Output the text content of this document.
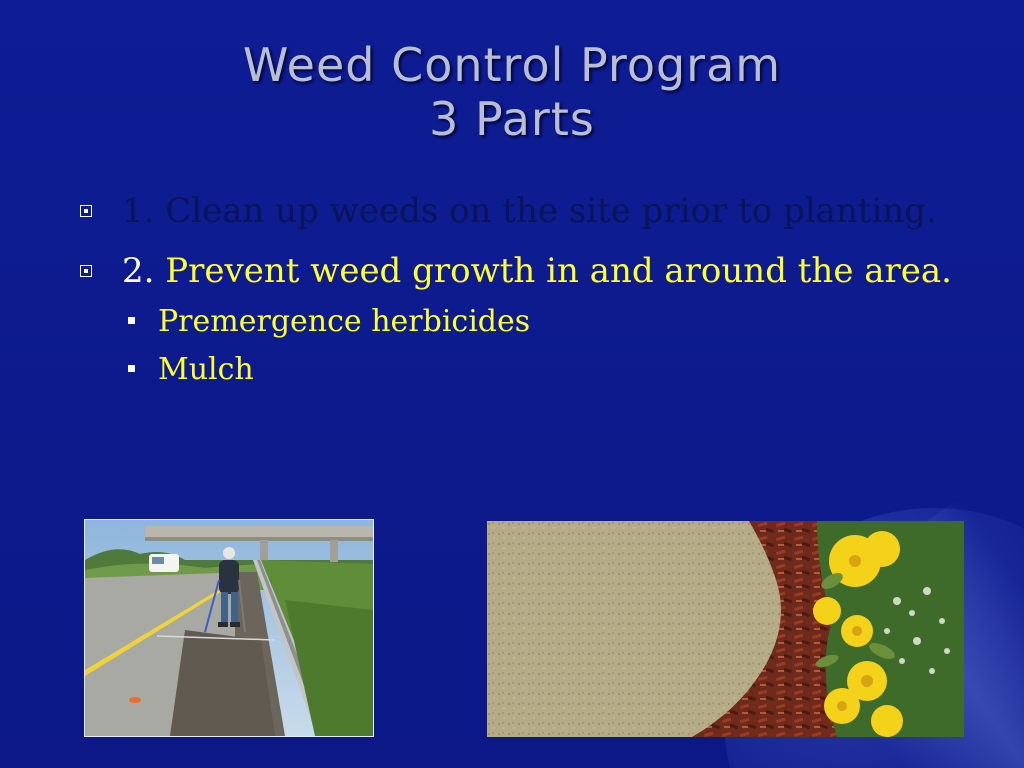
Weed Control Program
3 Parts
1. Clean up weeds on the site prior to planting.
2. Prevent weed growth in and around the area.
Premergence herbicides
Mulch
